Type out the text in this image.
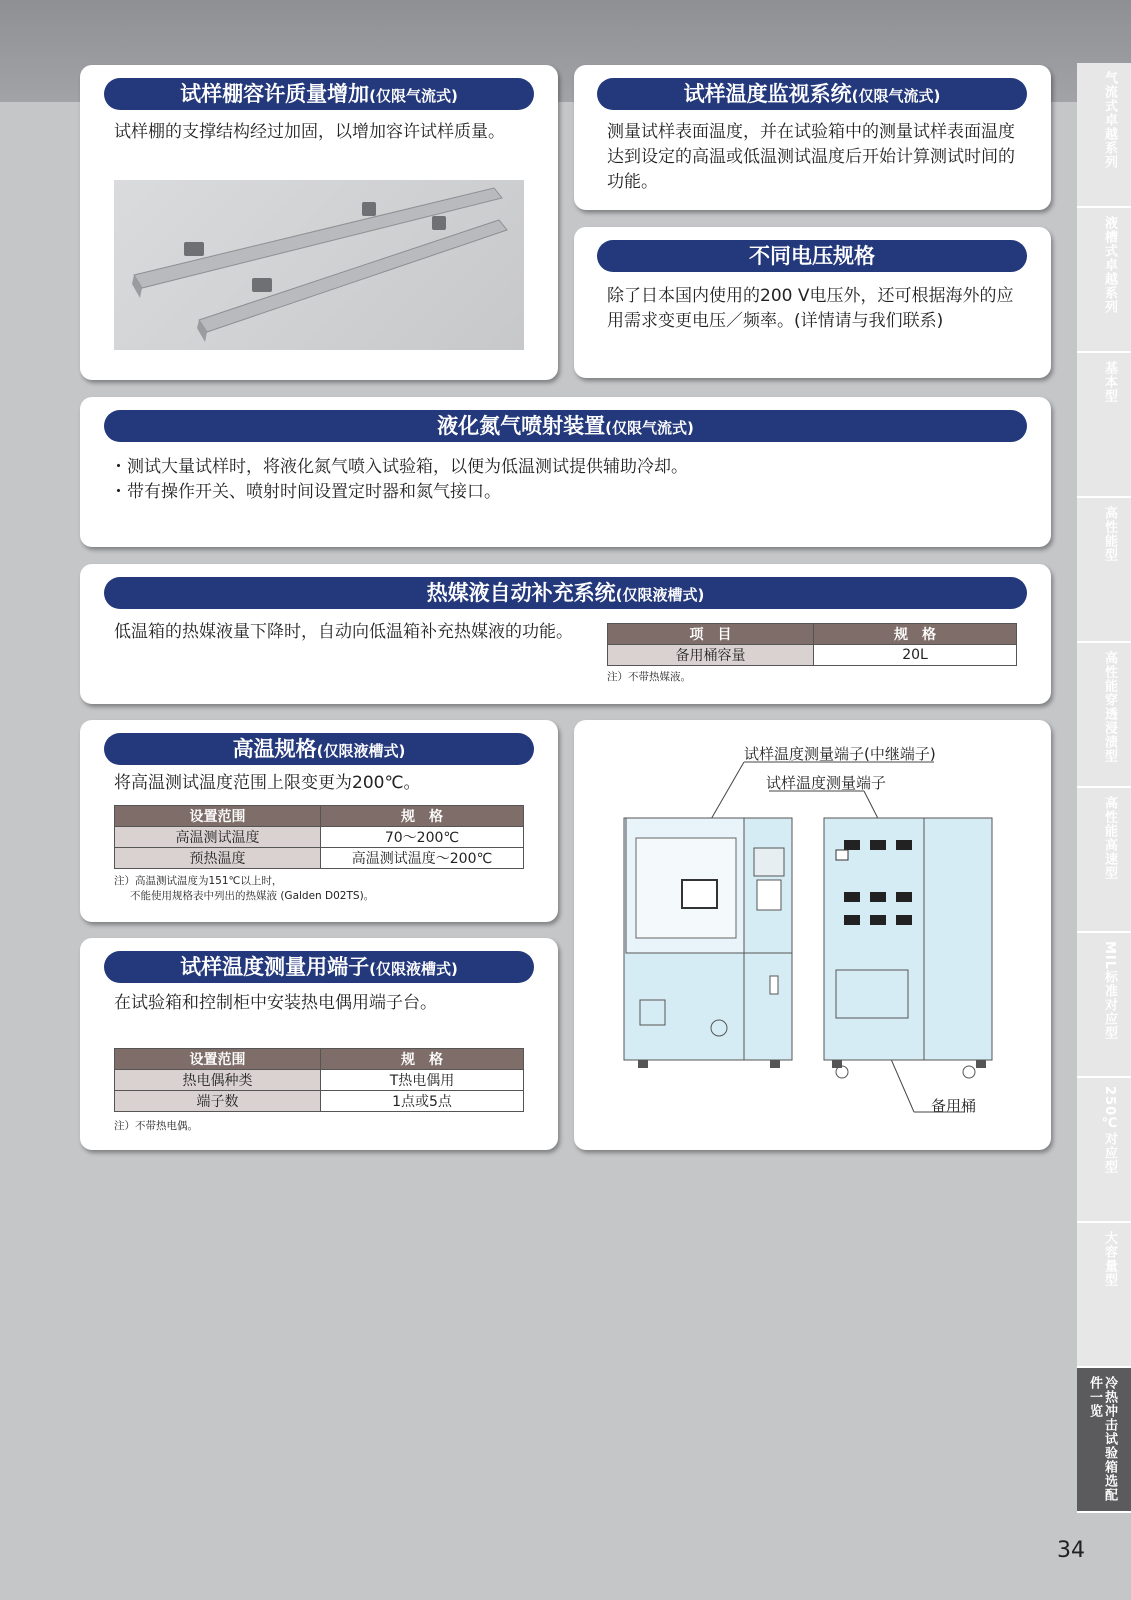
试样棚容许质量增加(仅限气流式)
试样棚的支撑结构经过加固，以增加容许试样质量。
试样温度监视系统(仅限气流式)
测量试样表面温度，并在试验箱中的测量试样表面温度达到设定的高温或低温测试温度后开始计算测试时间的功能。
不同电压规格
除了日本国内使用的200 V电压外，还可根据海外的应用需求变更电压／频率。(详情请与我们联系)
液化氮气喷射装置(仅限气流式)
・测试大量试样时，将液化氮气喷入试验箱，以便为低温测试提供辅助冷却。
・带有操作开关、喷射时间设置定时器和氮气接口。
热媒液自动补充系统(仅限液槽式)
低温箱的热媒液量下降时，自动向低温箱补充热媒液的功能。	项　目	规　格
备用桶容量	20L
注）不带热媒液。
高温规格(仅限液槽式)
将高温测试温度范围上限变更为200℃。
设置范围	规　格
高温测试温度	70～200℃
预热温度	高温测试温度～200℃
注）高温测试温度为151℃以上时，
不能使用规格表中列出的热媒液 (Galden D02TS)。
试样温度测量用端子(仅限液槽式)
在试验箱和控制柜中安装热电偶用端子台。
设置范围	规　格
热电偶种类	T热电偶用
端子数	1点或5点
注）不带热电偶。
试样温度测量端子(中继端子)
试样温度测量端子
备用桶
气流式卓越系列
液槽式卓越系列
基本型
高性能型
高性能穿透浸渍型
高性能高速型
MIL标准对应型
250℃对应型
大容量型
冷热冲击试验箱选配件一览
34
